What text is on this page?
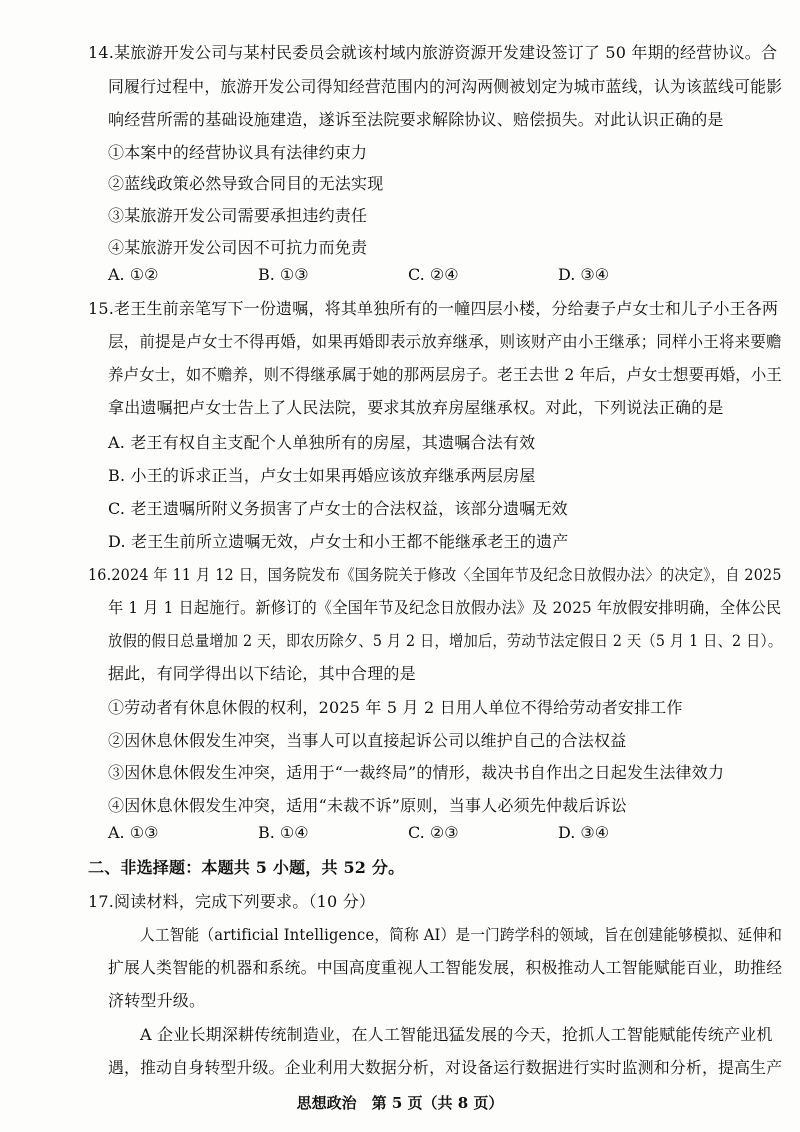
14.某旅游开发公司与某村民委员会就该村域内旅游资源开发建设签订了 50 年期的经营协议。合
同履行过程中，旅游开发公司得知经营范围内的河沟两侧被划定为城市蓝线，认为该蓝线可能影
响经营所需的基础设施建造，遂诉至法院要求解除协议、赔偿损失。对此认识正确的是
①本案中的经营协议具有法律约束力
②蓝线政策必然导致合同目的无法实现
③某旅游开发公司需要承担违约责任
④某旅游开发公司因不可抗力而免责
A. ①②	B. ①③	C. ②④	D. ③④
15.老王生前亲笔写下一份遗嘱，将其单独所有的一幢四层小楼，分给妻子卢女士和儿子小王各两
层，前提是卢女士不得再婚，如果再婚即表示放弃继承，则该财产由小王继承；同样小王将来要赡
养卢女士，如不赡养，则不得继承属于她的那两层房子。老王去世 2 年后，卢女士想要再婚，小王
拿出遗嘱把卢女士告上了人民法院，要求其放弃房屋继承权。对此，下列说法正确的是
A. 老王有权自主支配个人单独所有的房屋，其遗嘱合法有效
B. 小王的诉求正当，卢女士如果再婚应该放弃继承两层房屋
C. 老王遗嘱所附义务损害了卢女士的合法权益，该部分遗嘱无效
D. 老王生前所立遗嘱无效，卢女士和小王都不能继承老王的遗产
16.2024 年 11 月 12 日，国务院发布《国务院关于修改〈全国年节及纪念日放假办法〉的决定》，自 2025
年 1 月 1 日起施行。新修订的《全国年节及纪念日放假办法》及 2025 年放假安排明确，全体公民
放假的假日总量增加 2 天，即农历除夕、5 月 2 日，增加后，劳动节法定假日 2 天（5 月 1 日、2 日）。
据此，有同学得出以下结论，其中合理的是
①劳动者有休息休假的权利，2025 年 5 月 2 日用人单位不得给劳动者安排工作
②因休息休假发生冲突，当事人可以直接起诉公司以维护自己的合法权益
③因休息休假发生冲突，适用于“一裁终局”的情形，裁决书自作出之日起发生法律效力
④因休息休假发生冲突，适用“未裁不诉”原则，当事人必须先仲裁后诉讼
A. ①③	B. ①④	C. ②③	D. ③④
二、非选择题：本题共 5 小题，共 52 分。
17.阅读材料，完成下列要求。（10 分）
人工智能（artificial Intelligence，简称 AI）是一门跨学科的领域，旨在创建能够模拟、延伸和
扩展人类智能的机器和系统。中国高度重视人工智能发展，积极推动人工智能赋能百业，助推经
济转型升级。
A 企业长期深耕传统制造业，在人工智能迅猛发展的今天，抢抓人工智能赋能传统产业机
遇，推动自身转型升级。企业利用大数据分析，对设备运行数据进行实时监测和分析，提高生产
思想政治　第 5 页（共 8 页）
